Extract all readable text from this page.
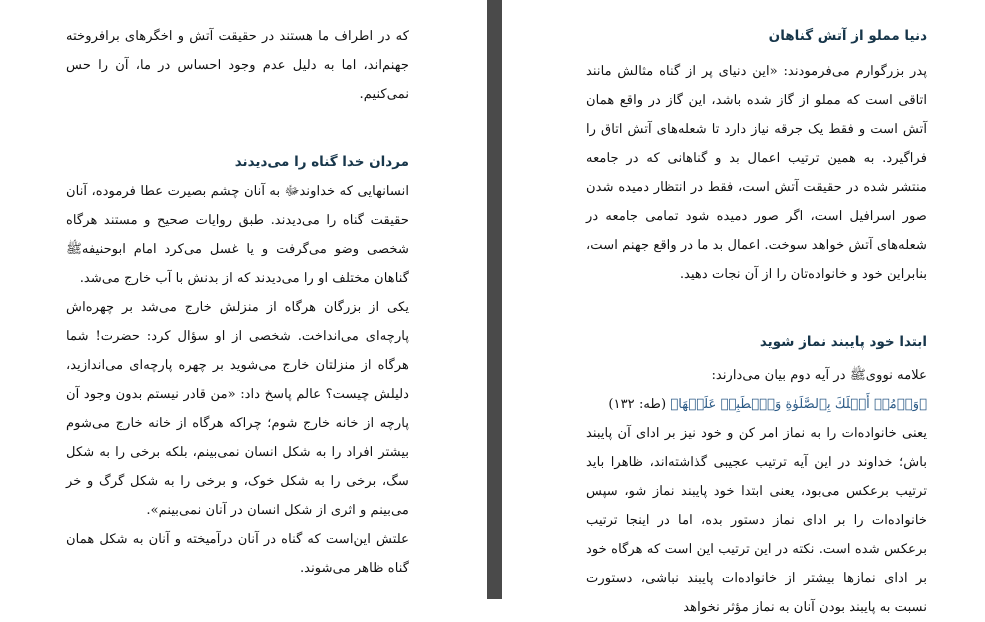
که در اطراف ما هستند در حقیقت آتش و اخگرهای برافروخته جهنم‌اند، اما به دلیل عدم وجود احساس در ما، آن را حس نمی‌کنیم.

مردان خدا گناه را می‌دیدند

انسانهایی که خداوندﷻ به آنان چشم بصیرت عطا فرموده، آنان حقیقت گناه را می‌دیدند. طبق روایات صحیح و مستند هرگاه شخصی وضو می‌گرفت و یا غسل می‌کرد امام ابوحنیفهﷺ گناهان مختلف او را می‌دیدند که از بدنش با آب خارج می‌شد.

یکی از بزرگان هرگاه از منزلش خارج می‌شد بر چهره‌اش پارچه‌ای می‌انداخت. شخصی از او سؤال کرد: حضرت! شما هرگاه از منزلتان خارج می‌شوید بر چهره پارچه‌ای می‌اندازید، دلیلش چیست؟ عالم پاسخ داد: «من قادر نیستم بدون وجود آن پارچه از خانه خارج شوم؛ چراکه هرگاه از خانه خارج می‌شوم بیشتر افراد را به شکل انسان نمی‌بینم، بلکه برخی را به شکل سگ، برخی را به شکل خوک، و برخی را به شکل گرگ و خر می‌بینم و اثری از شکل انسان در آنان نمی‌بینم».

علتش این‌است که گناه در آنان درآمیخته و آنان به شکل همان گناه ظاهر می‌شوند.

دنیا مملو از آتش گناهان

پدر بزرگوارم می‌فرمودند: «این دنیای پر از گناه مثالش مانند اتاقی است که مملو از گاز شده باشد، این گاز در واقع همان آتش است و فقط یک جرقه نیاز دارد تا شعله‌های آتش اتاق را فراگیرد. به همین ترتیب اعمال بد و گناهانی که در جامعه منتشر شده در حقیقت آتش است، فقط در انتظار دمیده شدن صور اسرافیل است، اگر صور دمیده شود تمامی جامعه در شعله‌های آتش خواهد سوخت. اعمال بد ما در واقع جهنم است، بنابراین خود و خانواده‌تان را از آن نجات دهید.

ابتدا خود پایبند نماز شوید

علامه نووی‌ﷺ در آیه دوم بیان می‌دارند:

﴿وَأۡمُرۡ أَهۡلَكَ بِٱلصَّلَوٰةِ وَٱصۡطَبِرۡ عَلَيۡهَا﴾ (طه: ۱۳۲)

یعنی خانواده‌ات را به نماز امر کن و خود نیز بر ادای آن پایبند باش؛ خداوند در این آیه ترتیب عجیبی گذاشته‌اند، ظاهرا باید ترتیب برعکس می‌بود، یعنی ابتدا خود پایبند نماز شو، سپس خانواده‌ات را بر ادای نماز دستور بده، اما در اینجا ترتیب برعکس شده است. نکته در این ترتیب این است که هرگاه خود بر ادای نمازها بیشتر از خانواده‌ات پایبند نباشی، دستورت نسبت به پایبند بودن آنان به نماز مؤثر نخواهد
